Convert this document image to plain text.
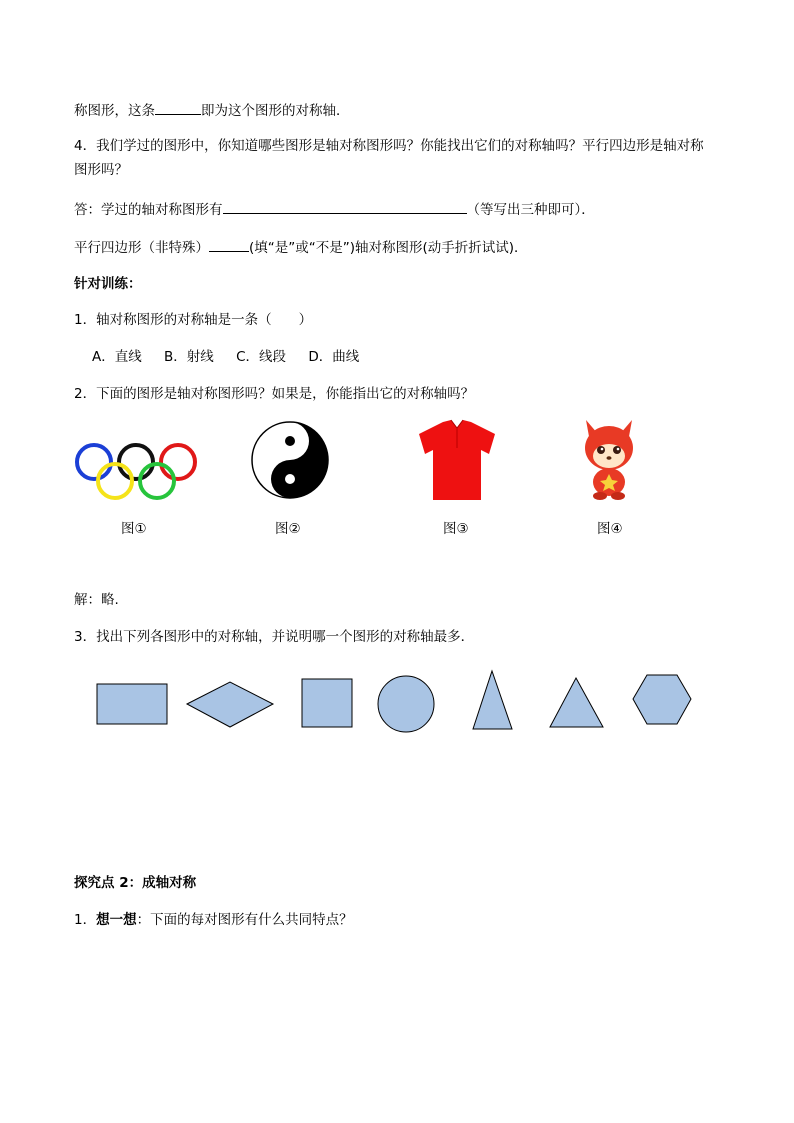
称图形，这条	即为这个图形的对称轴．
4．我们学过的图形中，你知道哪些图形是轴对称图形吗？你能找出它们的对称轴吗？平行四边形是轴对称
图形吗？
答：学过的轴对称图形有	（等写出三种即可）．
平行四边形（非特殊）	(填“是”或“不是”)轴对称图形(动手折折试试)．
针对训练：
1．轴对称图形的对称轴是一条（　　）
A．直线 B．射线 C．线段 D．曲线
2．下面的图形是轴对称图形吗？如果是，你能指出它的对称轴吗？
图①	图②	图③	图④
解：略.
3．找出下列各图形中的对称轴，并说明哪一个图形的对称轴最多．
探究点 2：成轴对称
1．想一想：下面的每对图形有什么共同特点？
